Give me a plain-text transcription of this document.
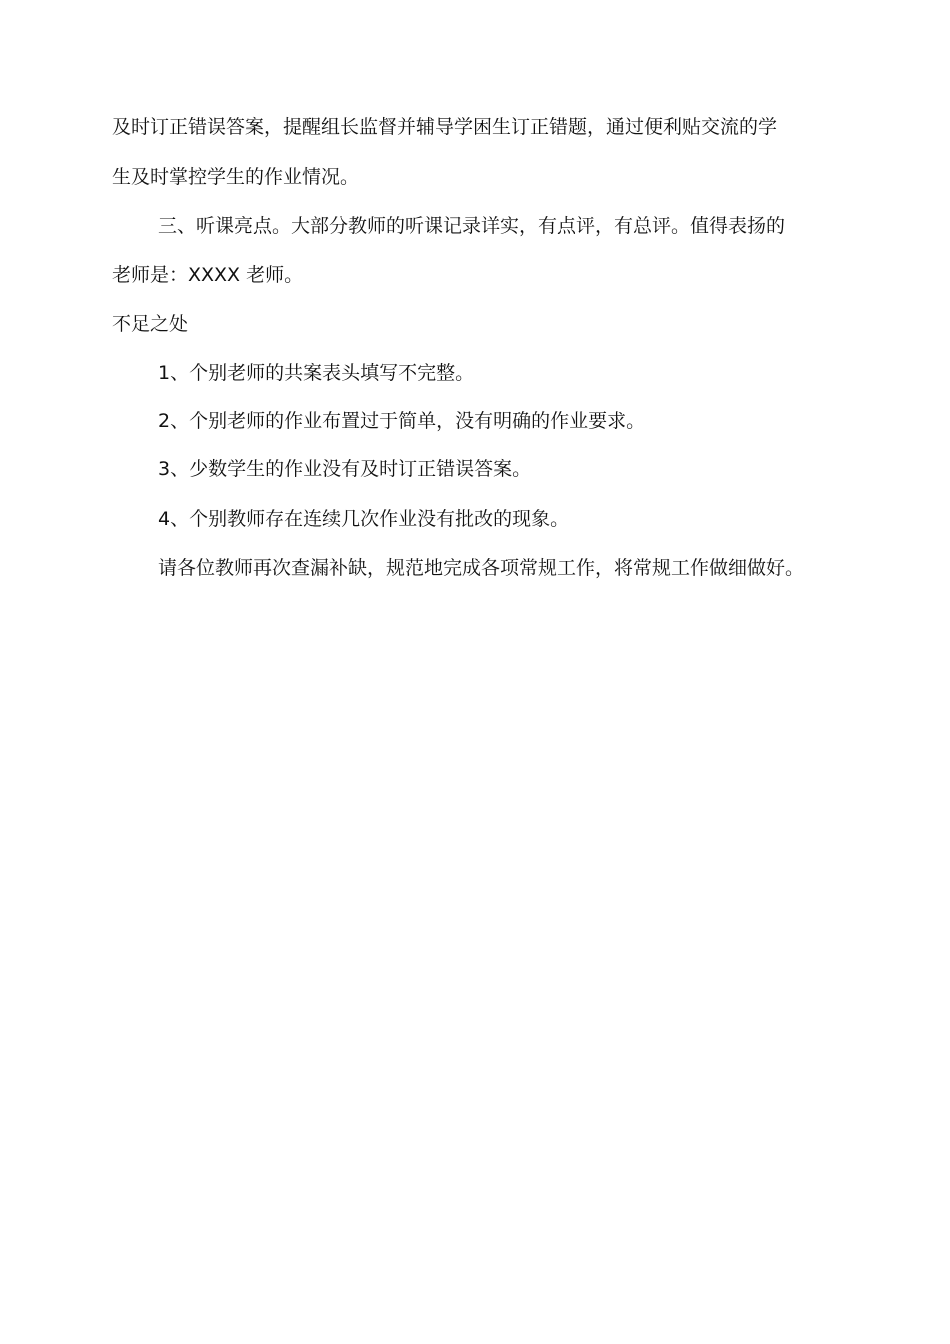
及时订正错误答案，提醒组长监督并辅导学困生订正错题，通过便利贴交流的学

生及时掌控学生的作业情况。

三、听课亮点。大部分教师的听课记录详实，有点评，有总评。值得表扬的

老师是：XXXX 老师。

不足之处

1、个别老师的共案表头填写不完整。

2、个别老师的作业布置过于简单，没有明确的作业要求。

3、少数学生的作业没有及时订正错误答案。

4、个别教师存在连续几次作业没有批改的现象。

请各位教师再次查漏补缺，规范地完成各项常规工作，将常规工作做细做好。
